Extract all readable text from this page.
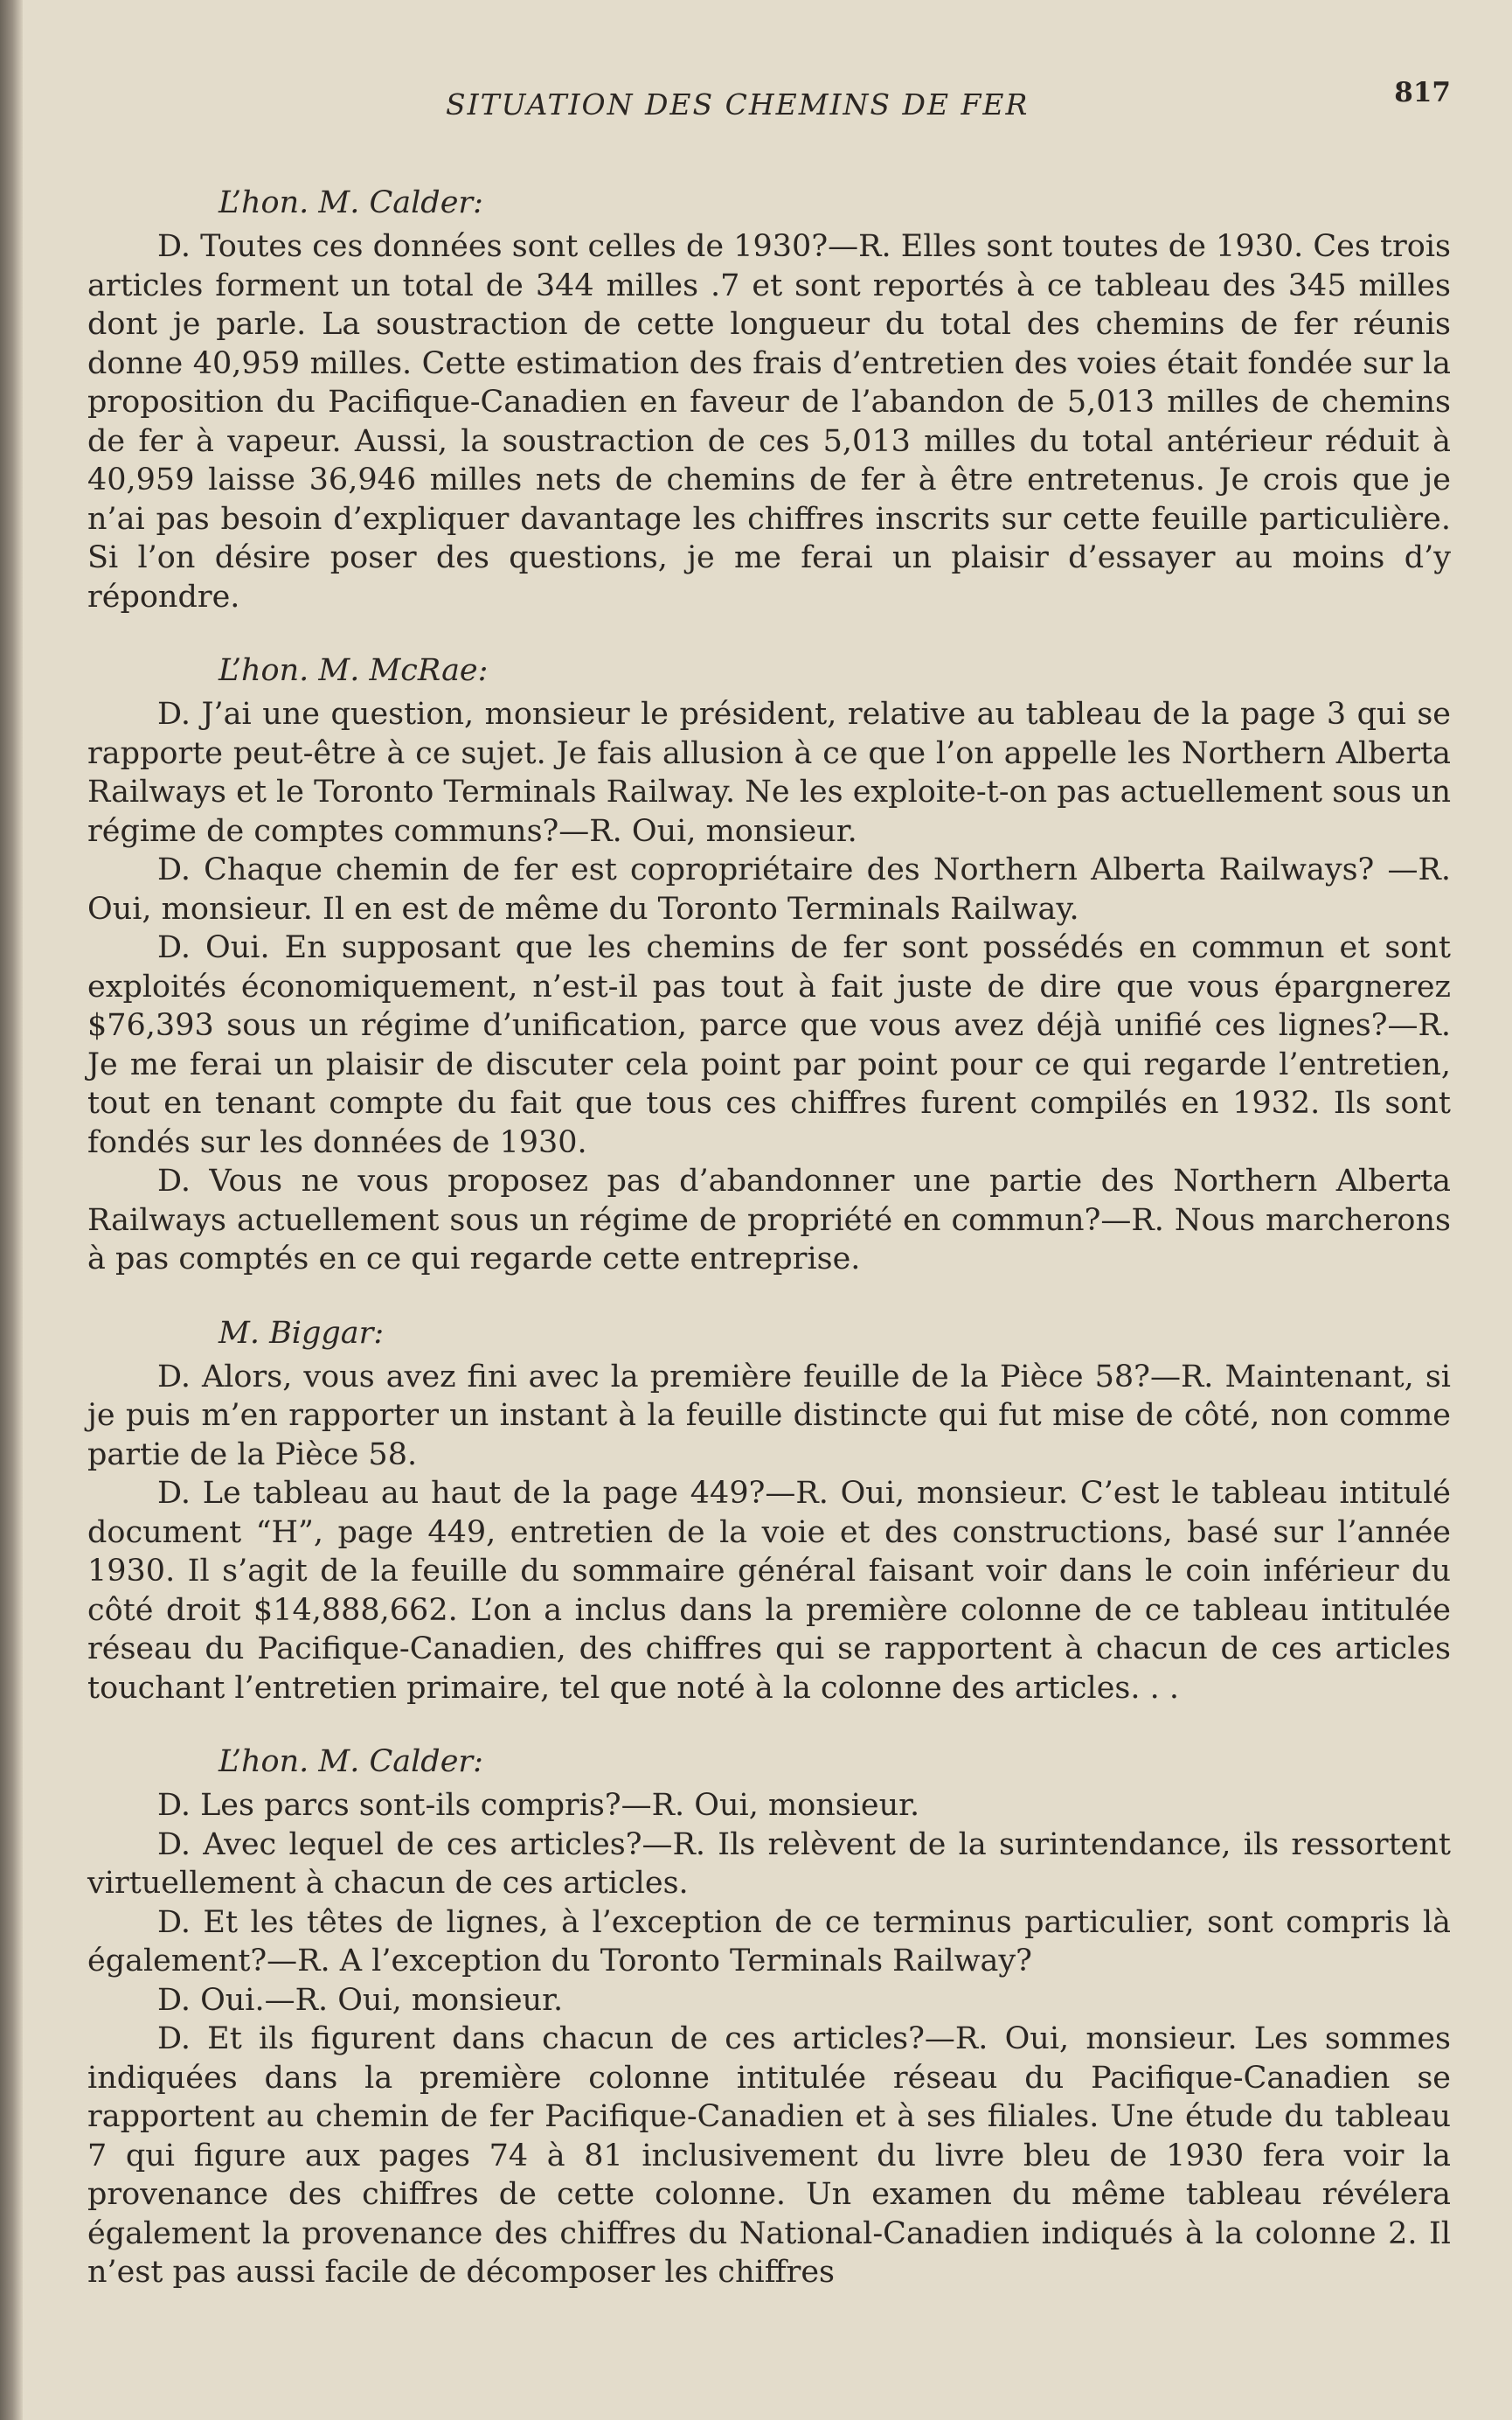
SITUATION DES CHEMINS DE FER	817
L’hon. M. Calder:

D. Toutes ces données sont celles de 1930?—R. Elles sont toutes de 1930. Ces trois articles forment un total de 344 milles .7 et sont reportés à ce tableau des 345 milles dont je parle. La soustraction de cette longueur du total des chemins de fer réunis donne 40,959 milles. Cette estimation des frais d’entretien des voies était fondée sur la proposition du Pacifique-Canadien en faveur de l’abandon de 5,013 milles de chemins de fer à vapeur. Aussi, la soustraction de ces 5,013 milles du total antérieur réduit à 40,959 laisse 36,946 milles nets de chemins de fer à être entretenus. Je crois que je n’ai pas besoin d’expliquer davantage les chiffres inscrits sur cette feuille particulière. Si l’on désire poser des questions, je me ferai un plaisir d’essayer au moins d’y répondre.

L’hon. M. McRae:

D. J’ai une question, monsieur le président, relative au tableau de la page 3 qui se rapporte peut-être à ce sujet. Je fais allusion à ce que l’on appelle les Northern Alberta Railways et le Toronto Terminals Railway. Ne les exploite-t-on pas actuellement sous un régime de comptes communs?—R. Oui, monsieur.

D. Chaque chemin de fer est copropriétaire des Northern Alberta Railways? —R. Oui, monsieur. Il en est de même du Toronto Terminals Railway.

D. Oui. En supposant que les chemins de fer sont possédés en commun et sont exploités économiquement, n’est-il pas tout à fait juste de dire que vous épargnerez $76,393 sous un régime d’unification, parce que vous avez déjà unifié ces lignes?—R. Je me ferai un plaisir de discuter cela point par point pour ce qui regarde l’entretien, tout en tenant compte du fait que tous ces chiffres furent compilés en 1932. Ils sont fondés sur les données de 1930.

D. Vous ne vous proposez pas d’abandonner une partie des Northern Alberta Railways actuellement sous un régime de propriété en commun?—R. Nous marcherons à pas comptés en ce qui regarde cette entreprise.

M. Biggar:

D. Alors, vous avez fini avec la première feuille de la Pièce 58?—R. Maintenant, si je puis m’en rapporter un instant à la feuille distincte qui fut mise de côté, non comme partie de la Pièce 58.

D. Le tableau au haut de la page 449?—R. Oui, monsieur. C’est le tableau intitulé document “H”, page 449, entretien de la voie et des constructions, basé sur l’année 1930. Il s’agit de la feuille du sommaire général faisant voir dans le coin inférieur du côté droit $14,888,662. L’on a inclus dans la première colonne de ce tableau intitulée réseau du Pacifique-Canadien, des chiffres qui se rapportent à chacun de ces articles touchant l’entretien primaire, tel que noté à la colonne des articles. . .

L’hon. M. Calder:

D. Les parcs sont-ils compris?—R. Oui, monsieur.

D. Avec lequel de ces articles?—R. Ils relèvent de la surintendance, ils ressortent virtuellement à chacun de ces articles.

D. Et les têtes de lignes, à l’exception de ce terminus particulier, sont compris là également?—R. A l’exception du Toronto Terminals Railway?

D. Oui.—R. Oui, monsieur.

D. Et ils figurent dans chacun de ces articles?—R. Oui, monsieur. Les sommes indiquées dans la première colonne intitulée réseau du Pacifique-Canadien se rapportent au chemin de fer Pacifique-Canadien et à ses filiales. Une étude du tableau 7 qui figure aux pages 74 à 81 inclusivement du livre bleu de 1930 fera voir la provenance des chiffres de cette colonne. Un examen du même tableau révélera également la provenance des chiffres du National-Canadien indiqués à la colonne 2. Il n’est pas aussi facile de décomposer les chiffres
